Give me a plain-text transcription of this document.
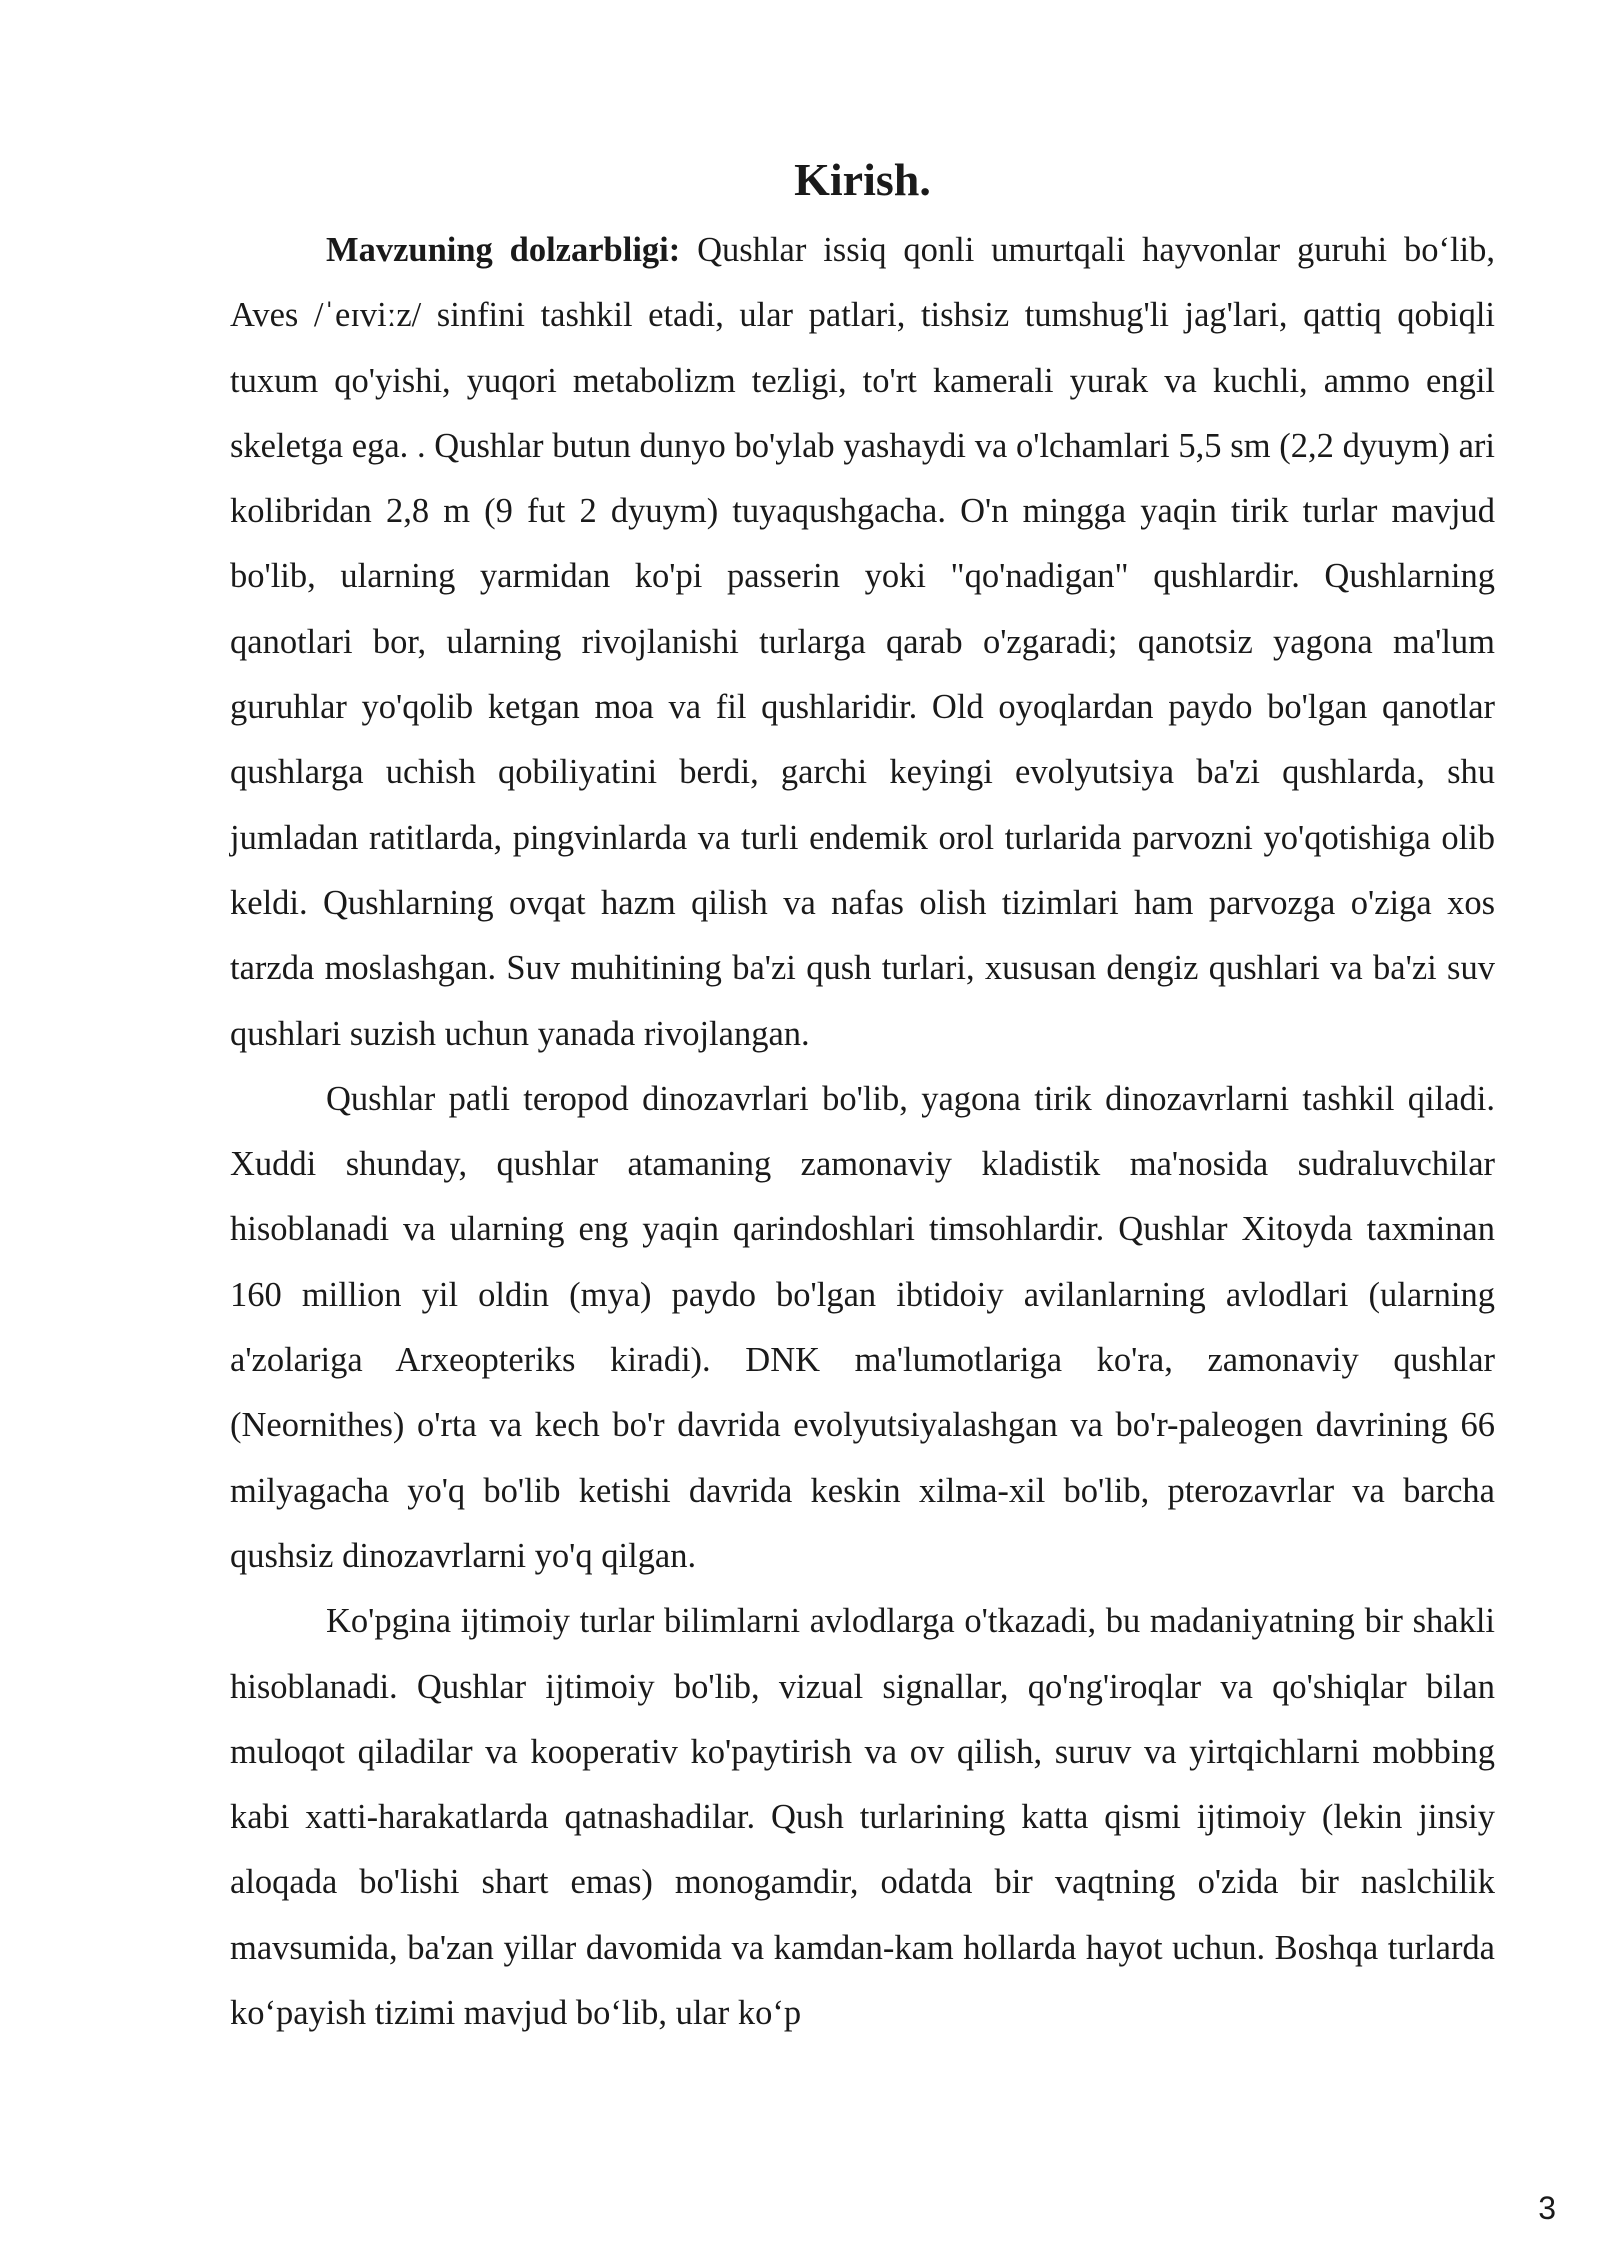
Kirish.

Mavzuning dolzarbligi: Qushlar issiq qonli umurtqali hayvonlar guruhi bo‘lib, Aves /ˈeɪviːz/ sinfini tashkil etadi, ular patlari, tishsiz tumshug'li jag'lari, qattiq qobiqli tuxum qo'yishi, yuqori metabolizm tezligi, to'rt kamerali yurak va kuchli, ammo engil skeletga ega. . Qushlar butun dunyo bo'ylab yashaydi va o'lchamlari 5,5 sm (2,2 dyuym) ari kolibridan 2,8 m (9 fut 2 dyuym) tuyaqushgacha. O'n mingga yaqin tirik turlar mavjud bo'lib, ularning yarmidan ko'pi passerin yoki "qo'nadigan" qushlardir. Qushlarning qanotlari bor, ularning rivojlanishi turlarga qarab o'zgaradi; qanotsiz yagona ma'lum guruhlar yo'qolib ketgan moa va fil qushlaridir. Old oyoqlardan paydo bo'lgan qanotlar qushlarga uchish qobiliyatini berdi, garchi keyingi evolyutsiya ba'zi qushlarda, shu jumladan ratitlarda, pingvinlarda va turli endemik orol turlarida parvozni yo'qotishiga olib keldi. Qushlarning ovqat hazm qilish va nafas olish tizimlari ham parvozga o'ziga xos tarzda moslashgan. Suv muhitining ba'zi qush turlari, xususan dengiz qushlari va ba'zi suv qushlari suzish uchun yanada rivojlangan.

Qushlar patli teropod dinozavrlari bo'lib, yagona tirik dinozavrlarni tashkil qiladi. Xuddi shunday, qushlar atamaning zamonaviy kladistik ma'nosida sudraluvchilar hisoblanadi va ularning eng yaqin qarindoshlari timsohlardir. Qushlar Xitoyda taxminan 160 million yil oldin (mya) paydo bo'lgan ibtidoiy avilanlarning avlodlari (ularning a'zolariga Arxeopteriks kiradi). DNK ma'lumotlariga ko'ra, zamonaviy qushlar (Neornithes) o'rta va kech bo'r davrida evolyutsiyalashgan va bo'r-paleogen davrining 66 milyagacha yo'q bo'lib ketishi davrida keskin xilma-xil bo'lib, pterozavrlar va barcha qushsiz dinozavrlarni yo'q qilgan.

Ko'pgina ijtimoiy turlar bilimlarni avlodlarga o'tkazadi, bu madaniyatning bir shakli hisoblanadi. Qushlar ijtimoiy bo'lib, vizual signallar, qo'ng'iroqlar va qo'shiqlar bilan muloqot qiladilar va kooperativ ko'paytirish va ov qilish, suruv va yirtqichlarni mobbing kabi xatti-harakatlarda qatnashadilar. Qush turlarining katta qismi ijtimoiy (lekin jinsiy aloqada bo'lishi shart emas) monogamdir, odatda bir vaqtning o'zida bir naslchilik mavsumida, ba'zan yillar davomida va kamdan-kam hollarda hayot uchun. Boshqa turlarda ko‘payish tizimi mavjud bo‘lib, ular ko‘p

3
